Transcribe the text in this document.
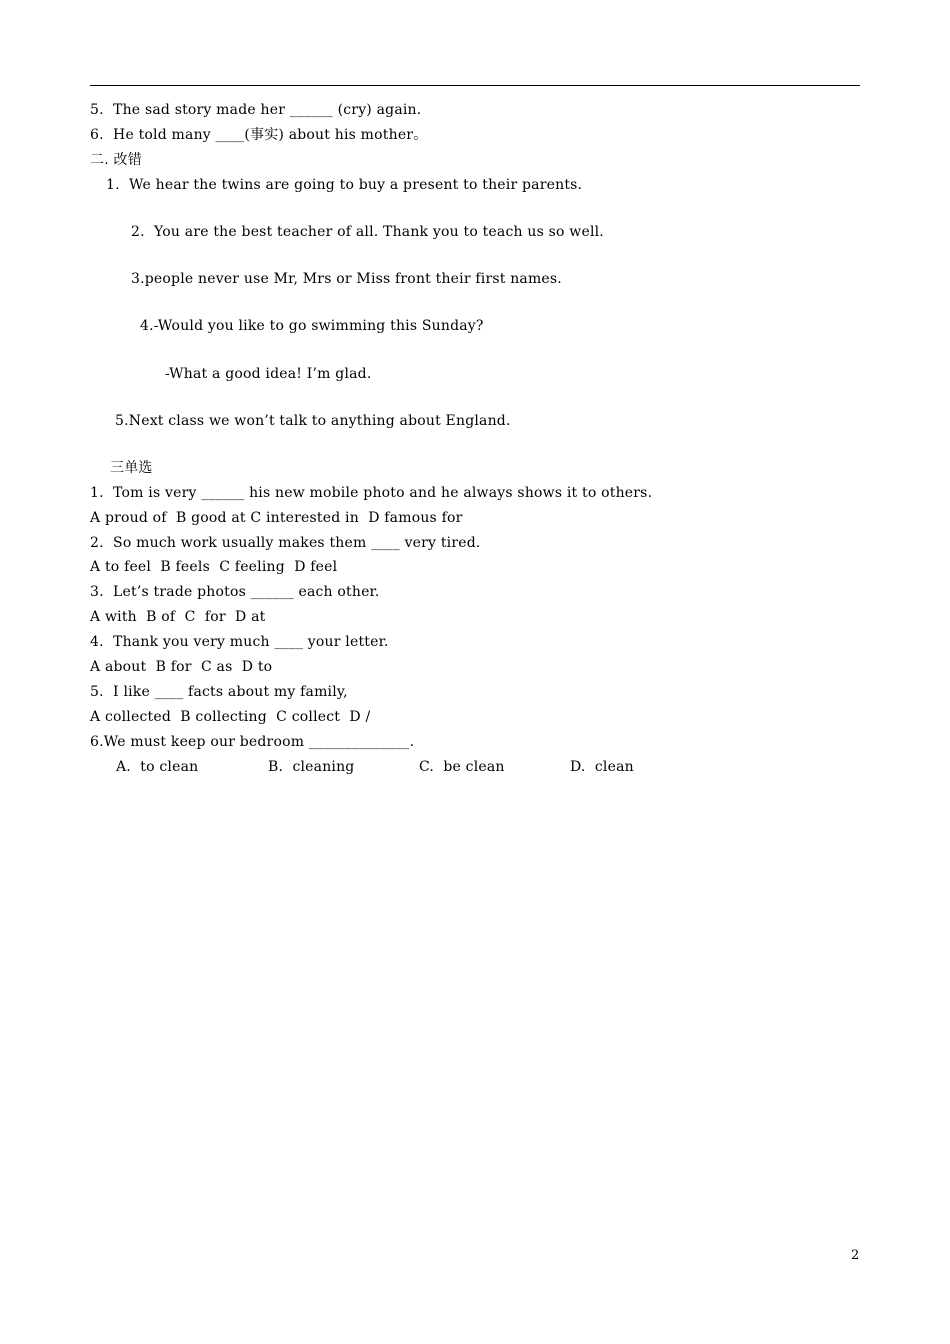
5.  The sad story made her ______ (cry) again.
6.  He told many ____(事实) about his mother。
二. 改错
1.  We hear the twins are going to buy a present to their parents.
2.  You are the best teacher of all. Thank you to teach us so well.
3.people never use Mr, Mrs or Miss front their first names.
4.-Would you like to go swimming this Sunday?
-What a good idea! I’m glad.
5.Next class we won’t talk to anything about England.
三单选
1.  Tom is very ______ his new mobile photo and he always shows it to others.
A proud of  B good at C interested in  D famous for
2.  So much work usually makes them ____ very tired.
A to feel  B feels  C feeling  D feel
3.  Let’s trade photos ______ each other.
A with  B of  C  for  D at
4.  Thank you very much ____ your letter.
A about  B for  C as  D to
5.  I like ____ facts about my family,
A collected  B collecting  C collect  D /
6.We must keep our bedroom ______________.
A.  to clean	B.  cleaning	C.  be clean	D.  clean
2
